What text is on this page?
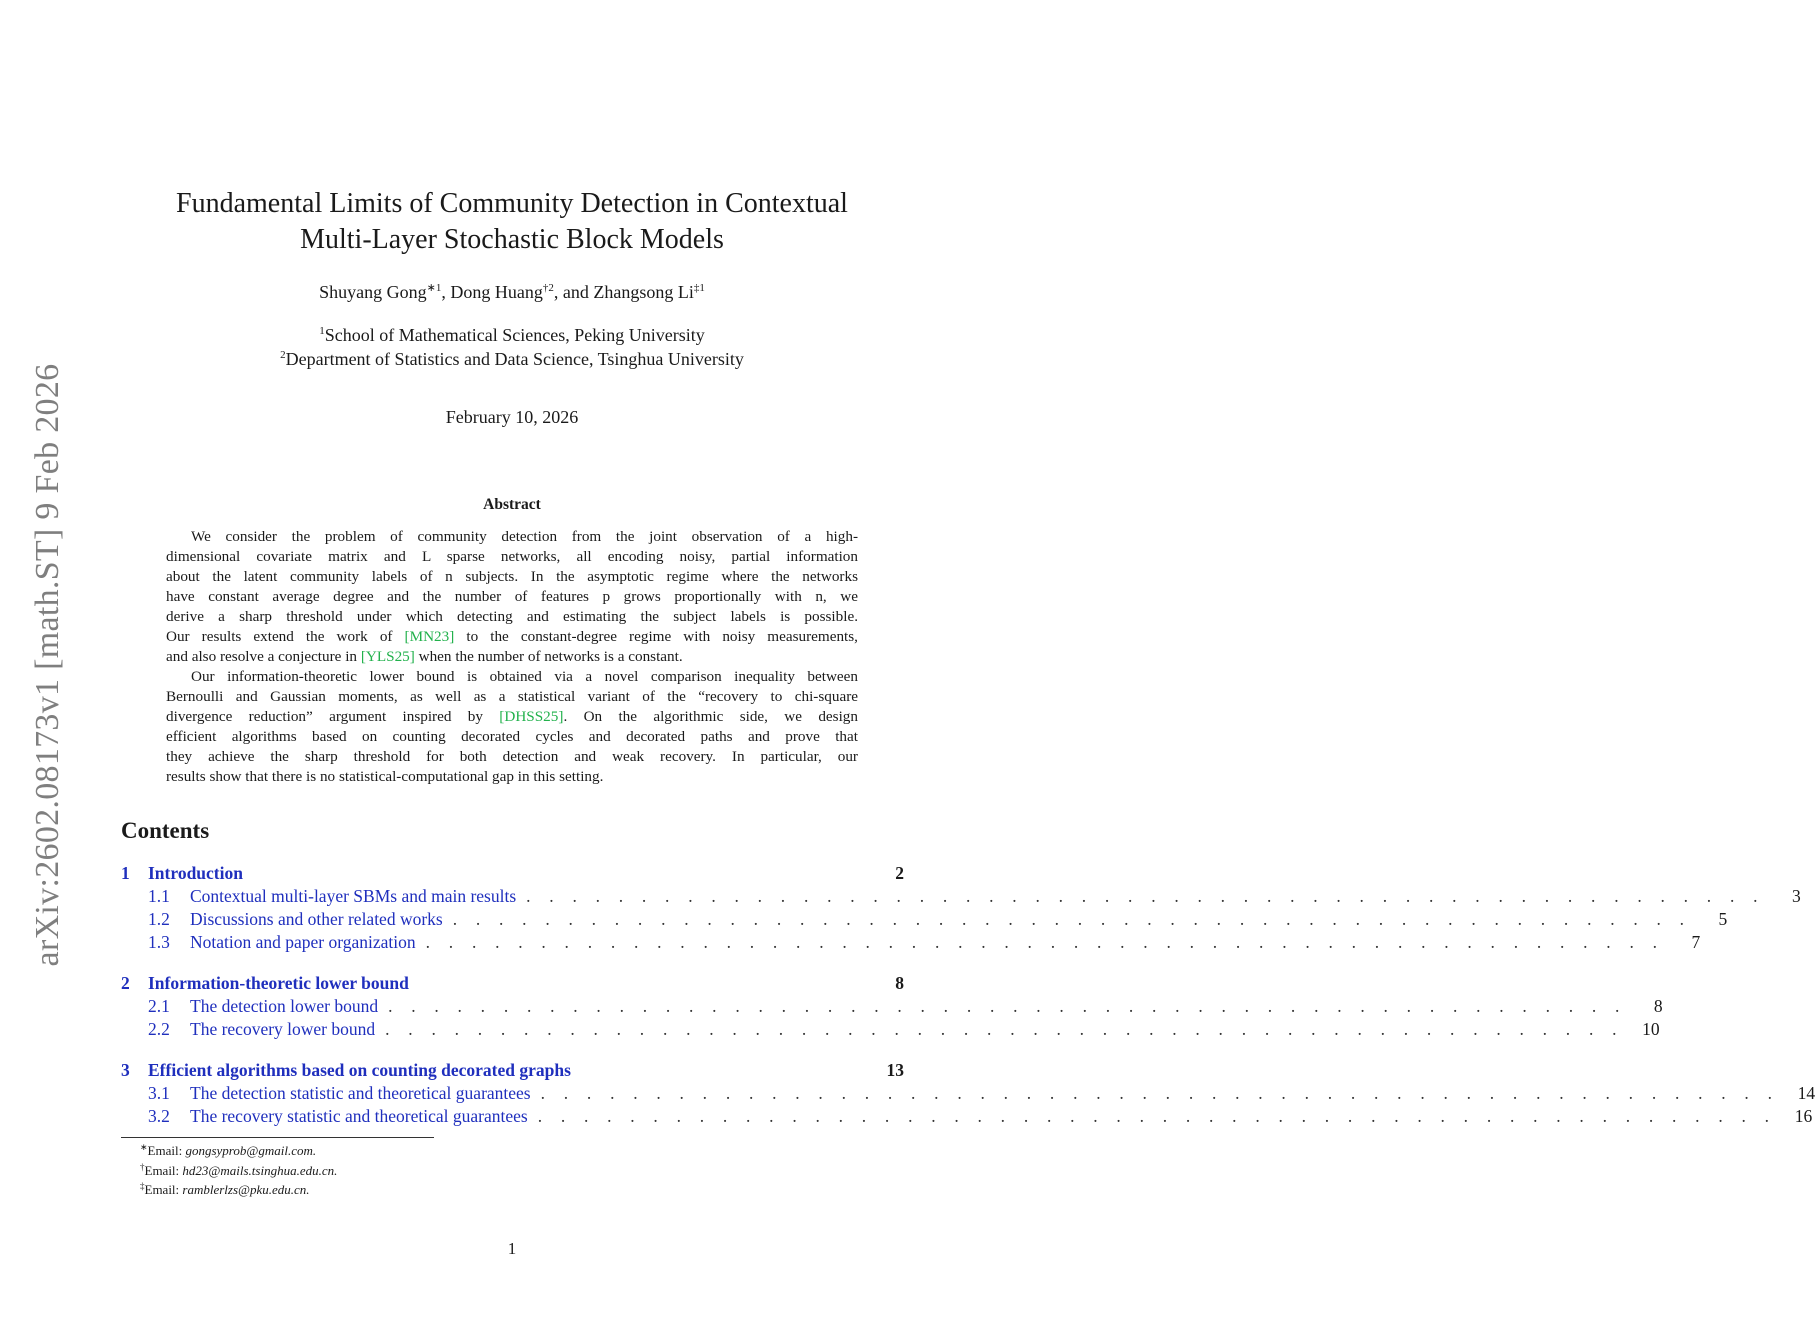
arXiv:2602.08173v1 [math.ST] 9 Feb 2026
Fundamental Limits of Community Detection in Contextual
Multi-Layer Stochastic Block Models
Shuyang Gong$^{∗1}$, Dong Huang$^{\dagger 2}$, and Zhangsong Li$^{\ddagger 1}$
$^1$School of Mathematical Sciences, Peking University
$^2$Department of Statistics and Data Science, Tsinghua University
February 10, 2026
Abstract
We consider the problem of community detection from the joint observation of a high-
dimensional covariate matrix and L sparse networks, all encoding noisy, partial information
about the latent community labels of n subjects. In the asymptotic regime where the networks
have constant average degree and the number of features p grows proportionally with n, we
derive a sharp threshold under which detecting and estimating the subject labels is possible.
Our results extend the work of [MN23] to the constant-degree regime with noisy measurements,
and also resolve a conjecture in [YLS25] when the number of networks is a constant.
Our information-theoretic lower bound is obtained via a novel comparison inequality between
Bernoulli and Gaussian moments, as well as a statistical variant of the “recovery to chi-square
divergence reduction” argument inspired by [DHSS25]. On the algorithmic side, we design
efficient algorithms based on counting decorated cycles and decorated paths and prove that
they achieve the sharp threshold for both detection and weak recovery. In particular, our
results show that there is no statistical-computational gap in this setting.
Contents
1	Introduction	2
1.1	Contextual multi-layer SBMs and main results . . . . . . . . . . . . . . . . . . . . . . . . . . . . . . . . . . . . . . . . . . . . . . . . . . . . . .	3
1.2	Discussions and other related works . . . . . . . . . . . . . . . . . . . . . . . . . . . . . . . . . . . . . . . . . . . . . . . . . . . . . .	5
1.3	Notation and paper organization . . . . . . . . . . . . . . . . . . . . . . . . . . . . . . . . . . . . . . . . . . . . . . . . . . . . . .	7
2	Information-theoretic lower bound	8
2.1	The detection lower bound . . . . . . . . . . . . . . . . . . . . . . . . . . . . . . . . . . . . . . . . . . . . . . . . . . . . . .	8
2.2	The recovery lower bound . . . . . . . . . . . . . . . . . . . . . . . . . . . . . . . . . . . . . . . . . . . . . . . . . . . . . .	10
3	Efficient algorithms based on counting decorated graphs	13
3.1	The detection statistic and theoretical guarantees . . . . . . . . . . . . . . . . . . . . . . . . . . . . . . . . . . . . . . . . . . . . . . . . . . . . . .	14
3.2	The recovery statistic and theoretical guarantees . . . . . . . . . . . . . . . . . . . . . . . . . . . . . . . . . . . . . . . . . . . . . . . . . . . . . .	16
∗Email: gongsyprob@gmail.com.
†Email: hd23@mails.tsinghua.edu.cn.
‡Email: ramblerlzs@pku.edu.cn.
1
